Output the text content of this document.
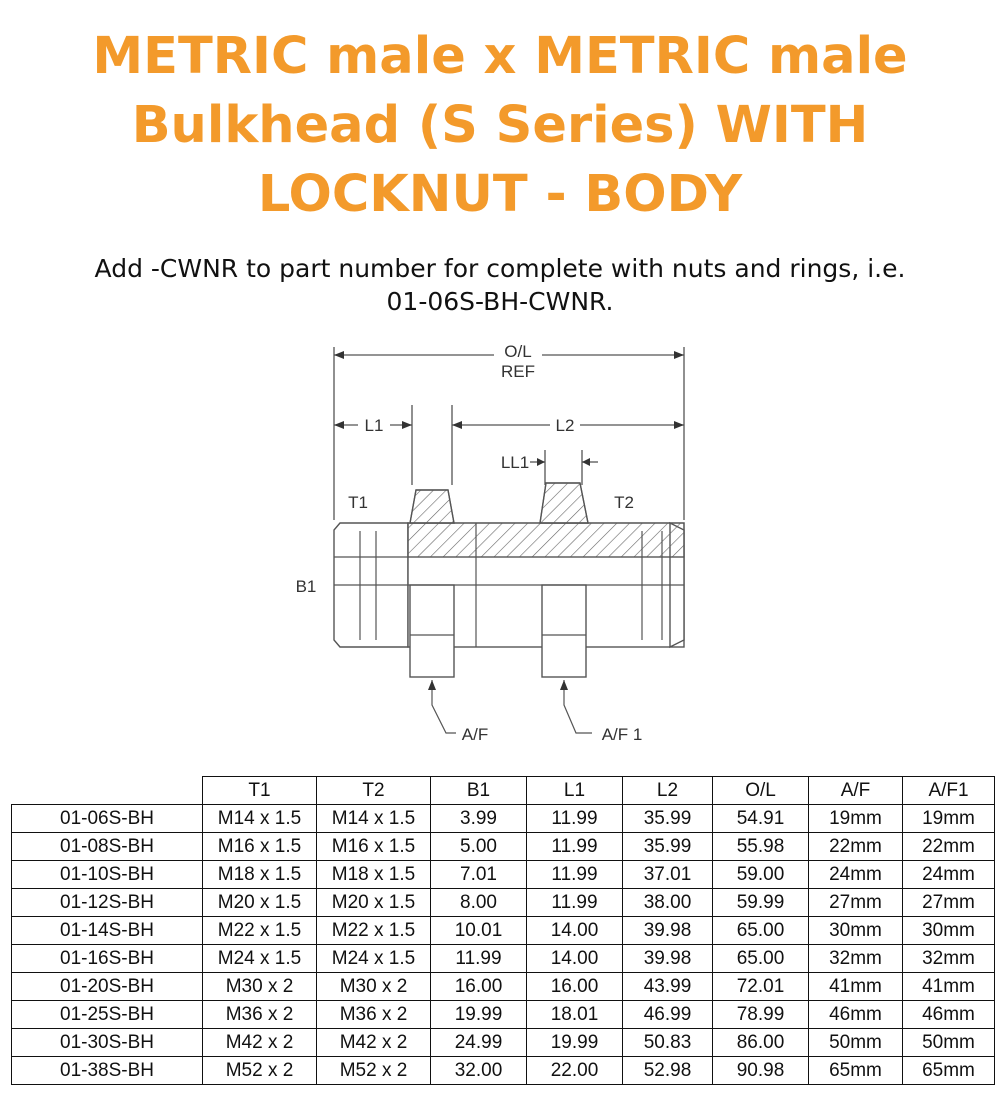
METRIC male x METRIC male
Bulkhead (S Series) WITH
LOCKNUT - BODY
Add -CWNR to part number for complete with nuts and rings, i.e.
01-06S-BH-CWNR.
O/L
REF
L1	L2
LL1
T1	T2
B1
A/F	A/F 1
	T1	T2	B1	L1	L2	O/L	A/F	A/F1
01-06S-BH	M14 x 1.5	M14 x 1.5	3.99	11.99	35.99	54.91	19mm	19mm
01-08S-BH	M16 x 1.5	M16 x 1.5	5.00	11.99	35.99	55.98	22mm	22mm
01-10S-BH	M18 x 1.5	M18 x 1.5	7.01	11.99	37.01	59.00	24mm	24mm
01-12S-BH	M20 x 1.5	M20 x 1.5	8.00	11.99	38.00	59.99	27mm	27mm
01-14S-BH	M22 x 1.5	M22 x 1.5	10.01	14.00	39.98	65.00	30mm	30mm
01-16S-BH	M24 x 1.5	M24 x 1.5	11.99	14.00	39.98	65.00	32mm	32mm
01-20S-BH	M30 x 2	M30 x 2	16.00	16.00	43.99	72.01	41mm	41mm
01-25S-BH	M36 x 2	M36 x 2	19.99	18.01	46.99	78.99	46mm	46mm
01-30S-BH	M42 x 2	M42 x 2	24.99	19.99	50.83	86.00	50mm	50mm
01-38S-BH	M52 x 2	M52 x 2	32.00	22.00	52.98	90.98	65mm	65mm
